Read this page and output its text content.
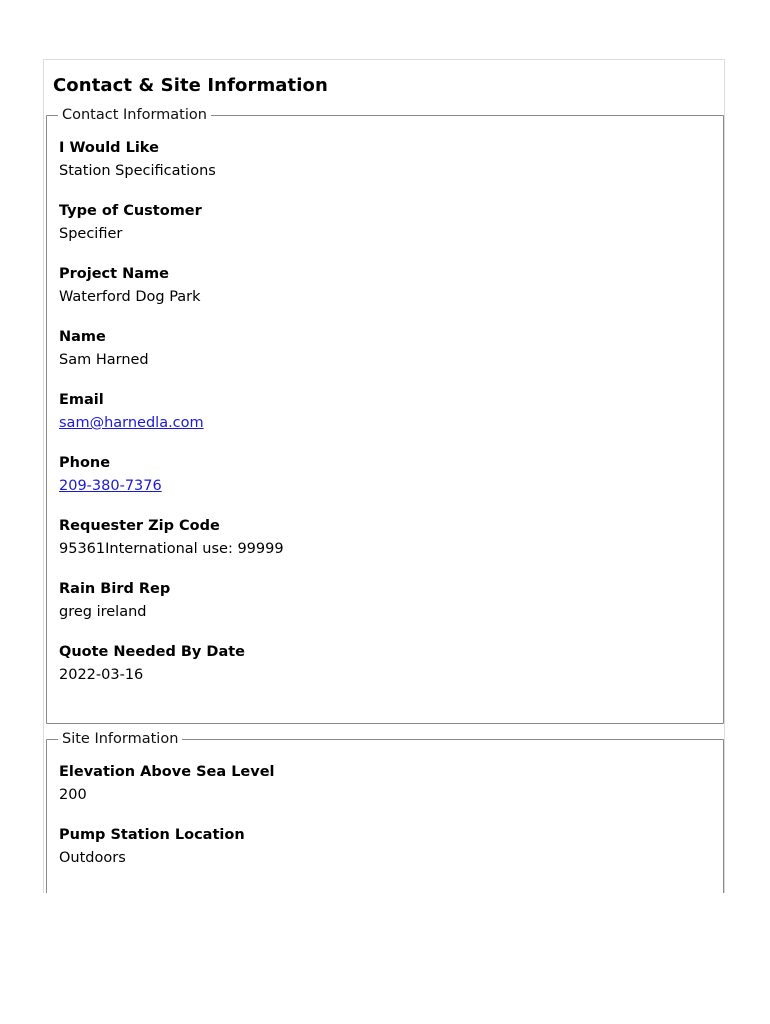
Contact & Site Information
Contact Information
I Would Like
Station Specifications
Type of Customer
Specifier
Project Name
Waterford Dog Park
Name
Sam Harned
Email
sam@harnedla.com
Phone
209-380-7376
Requester Zip Code
95361International use: 99999
Rain Bird Rep
greg ireland
Quote Needed By Date
2022-03-16
Site Information
Elevation Above Sea Level
200
Pump Station Location
Outdoors
